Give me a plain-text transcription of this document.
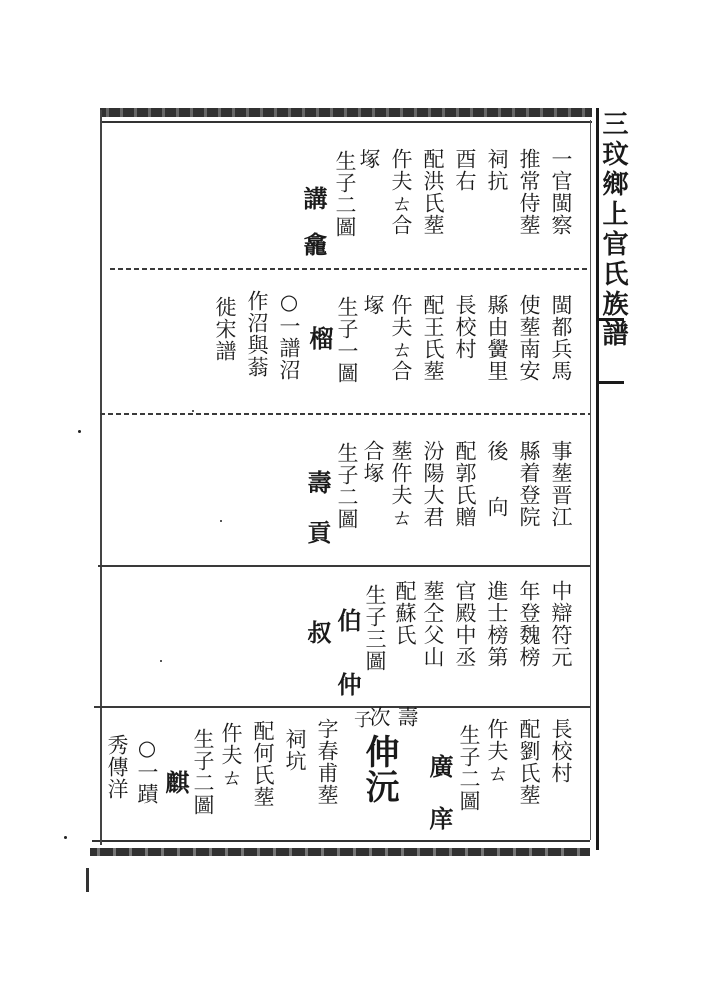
三玟鄉上官氏族譜
一官閩察
推常侍塟
祠抗
酉右
配洪氏塟
仵夫ㄊ合
塚
生子二圖
講
龕
閩都兵馬
使塟南安
縣由黌里
長校村
配王氏塟
仵夫ㄊ合
塚
生子一圖
榴
○一譜沼
作沼與蓊
徙宋譜
事塟晋江
縣着登院
後
向
配郭氏贈
汾陽大君
塟仵夫ㄊ
合塚
生子二圖
壽
貢
中辯符元
年登魏榜
進士榜第
官殿中丞
塟仝父山
配蘇氏
生子三圖
伯
仲
叔
長校村
配劉氏塟
仵夫ㄊ
生子二圖
廣
庠
壽
次
子
伸沅
字春甫塟
祠坑
配何氏塟
仵夫ㄊ
生子二圖
麒
○一蹟
秀傳洋
